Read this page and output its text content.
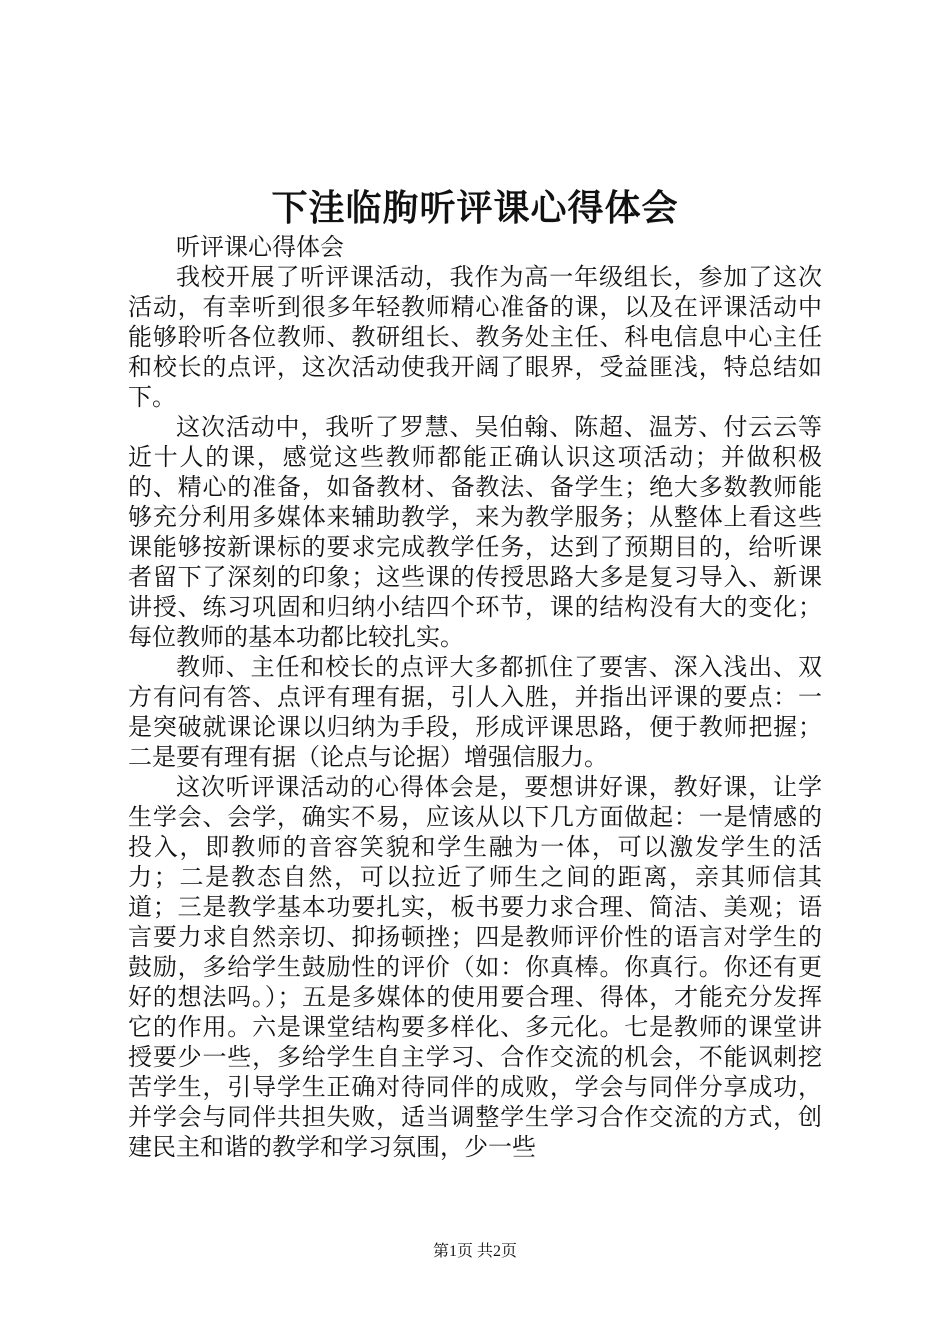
下洼临朐听评课心得体会

听评课心得体会

我校开展了听评课活动，我作为高一年级组长，参加了这次活动，有幸听到很多年轻教师精心准备的课，以及在评课活动中能够聆听各位教师、教研组长、教务处主任、科电信息中心主任和校长的点评，这次活动使我开阔了眼界，受益匪浅，特总结如下。

这次活动中，我听了罗慧、吴伯翰、陈超、温芳、付云云等近十人的课，感觉这些教师都能正确认识这项活动；并做积极的、精心的准备，如备教材、备教法、备学生；绝大多数教师能够充分利用多媒体来辅助教学，来为教学服务；从整体上看这些课能够按新课标的要求完成教学任务，达到了预期目的，给听课者留下了深刻的印象；这些课的传授思路大多是复习导入、新课讲授、练习巩固和归纳小结四个环节，课的结构没有大的变化；每位教师的基本功都比较扎实。

教师、主任和校长的点评大多都抓住了要害、深入浅出、双方有问有答、点评有理有据，引人入胜，并指出评课的要点：一是突破就课论课以归纳为手段，形成评课思路，便于教师把握；二是要有理有据（论点与论据）增强信服力。

这次听评课活动的心得体会是，要想讲好课，教好课，让学生学会、会学，确实不易，应该从以下几方面做起：一是情感的投入，即教师的音容笑貌和学生融为一体，可以激发学生的活力；二是教态自然，可以拉近了师生之间的距离，亲其师信其道；三是教学基本功要扎实，板书要力求合理、简洁、美观；语言要力求自然亲切、抑扬顿挫；四是教师评价性的语言对学生的鼓励，多给学生鼓励性的评价（如：你真棒。你真行。你还有更好的想法吗。）；五是多媒体的使用要合理、得体，才能充分发挥它的作用。六是课堂结构要多样化、多元化。七是教师的课堂讲授要少一些，多给学生自主学习、合作交流的机会，不能讽刺挖苦学生，引导学生正确对待同伴的成败，学会与同伴分享成功，并学会与同伴共担失败，适当调整学生学习合作交流的方式，创建民主和谐的教学和学习氛围，少一些

第1页 共2页
